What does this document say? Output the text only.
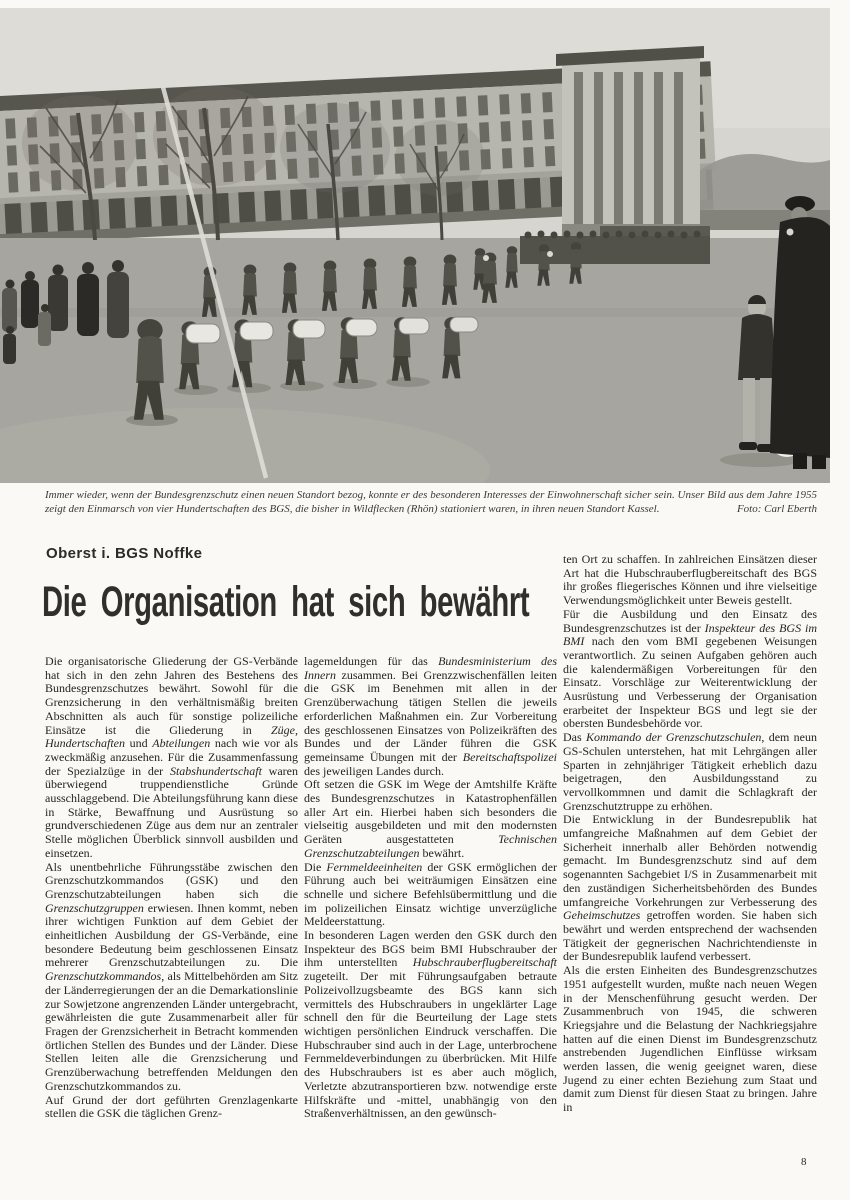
Immer wieder, wenn der Bundesgrenzschutz einen neuen Standort bezog, konnte er des besonderen Interesses der Einwohnerschaft sicher sein. Unser Bild aus dem Jahre 1955 zeigt den Einmarsch von vier Hundertschaften des BGS, die bisher in Wildflecken (Rhön) stationiert waren, in ihren neuen Standort Kassel.	Foto: Carl Eberth

Oberst i. BGS Noffke
Die Organisation hat sich bewährt

Die organisatorische Gliederung der GS-Verbände hat sich in den zehn Jahren des Bestehens des Bundesgrenzschutzes bewährt. Sowohl für die Grenzsicherung in den verhältnismäßig breiten Abschnitten als auch für sonstige polizeiliche Einsätze ist die Gliederung in Züge, Hundertschaften und Abteilungen nach wie vor als zweckmäßig anzusehen. Für die Zusammenfassung der Spezialzüge in der Stabshundertschaft waren überwiegend truppendienstliche Gründe ausschlaggebend. Die Abteilungsführung kann diese in Stärke, Bewaffnung und Ausrüstung so grundverschiedenen Züge aus dem nur an zentraler Stelle möglichen Überblick sinnvoll ausbilden und einsetzen.

Als unentbehrliche Führungsstäbe zwischen den Grenzschutzkommandos (GSK) und den Grenzschutzabteilungen haben sich die Grenzschutzgruppen erwiesen. Ihnen kommt, neben ihrer wichtigen Funktion auf dem Gebiet der einheitlichen Ausbildung der GS-Verbände, eine besondere Bedeutung beim geschlossenen Einsatz mehrerer Grenzschutzabteilungen zu. Die Grenzschutzkommandos, als Mittelbehörden am Sitz der Länderregierungen der an die Demarkationslinie zur Sowjetzone angrenzenden Länder untergebracht, gewährleisten die gute Zusammenarbeit aller für Fragen der Grenzsicherheit in Betracht kommenden örtlichen Stellen des Bundes und der Länder. Diese Stellen leiten alle die Grenzsicherung und Grenzüberwachung betreffenden Meldungen den Grenzschutzkommandos zu.

Auf Grund der dort geführten Grenzlagenkarte stellen die GSK die täglichen Grenz-

lagemeldungen für das Bundesministerium des Innern zusammen. Bei Grenzzwischenfällen leiten die GSK im Benehmen mit allen in der Grenzüberwachung tätigen Stellen die jeweils erforderlichen Maßnahmen ein. Zur Vorbereitung des geschlossenen Einsatzes von Polizeikräften des Bundes und der Länder führen die GSK gemeinsame Übungen mit der Bereitschaftspolizei des jeweiligen Landes durch.

Oft setzen die GSK im Wege der Amtshilfe Kräfte des Bundesgrenzschutzes in Katastrophenfällen aller Art ein. Hierbei haben sich besonders die vielseitig ausgebildeten und mit den modernsten Geräten ausgestatteten Technischen Grenzschutzabteilungen bewährt.

Die Fernmeldeeinheiten der GSK ermöglichen der Führung auch bei weiträumigen Einsätzen eine schnelle und sichere Befehlsübermittlung und die im polizeilichen Einsatz wichtige unverzügliche Meldeerstattung.

In besonderen Lagen werden den GSK durch den Inspekteur des BGS beim BMI Hubschrauber der ihm unterstellten Hubschrauberflugbereitschaft zugeteilt. Der mit Führungsaufgaben betraute Polizeivollzugsbeamte des BGS kann sich vermittels des Hubschraubers in ungeklärter Lage schnell den für die Beurteilung der Lage stets wichtigen persönlichen Eindruck verschaffen. Die Hubschrauber sind auch in der Lage, unterbrochene Fernmeldeverbindungen zu überbrücken. Mit Hilfe des Hubschraubers ist es aber auch möglich, Verletzte abzutransportieren bzw. notwendige erste Hilfskräfte und -mittel, unabhängig von den Straßenverhältnissen, an den gewünsch-

ten Ort zu schaffen. In zahlreichen Einsätzen dieser Art hat die Hubschrauberflugbereitschaft des BGS ihr großes fliegerisches Können und ihre vielseitige Verwendungsmöglichkeit unter Beweis gestellt.

Für die Ausbildung und den Einsatz des Bundesgrenzschutzes ist der Inspekteur des BGS im BMI nach den vom BMI gegebenen Weisungen verantwortlich. Zu seinen Aufgaben gehören auch die kalendermäßigen Vorbereitungen für den Einsatz. Vorschläge zur Weiterentwicklung der Ausrüstung und Verbesserung der Organisation erarbeitet der Inspekteur BGS und legt sie der obersten Bundesbehörde vor.

Das Kommando der Grenzschutzschulen, dem neun GS-Schulen unterstehen, hat mit Lehrgängen aller Sparten in zehnjähriger Tätigkeit erheblich dazu beigetragen, den Ausbildungsstand zu vervollkommnen und damit die Schlagkraft der Grenzschutztruppe zu erhöhen.

Die Entwicklung in der Bundesrepublik hat umfangreiche Maßnahmen auf dem Gebiet der Sicherheit innerhalb aller Behörden notwendig gemacht. Im Bundesgrenzschutz sind auf dem sogenannten Sachgebiet I/S in Zusammenarbeit mit den zuständigen Sicherheitsbehörden des Bundes umfangreiche Vorkehrungen zur Verbesserung des Geheimschutzes getroffen worden. Sie haben sich bewährt und werden entsprechend der wachsenden Tätigkeit der gegnerischen Nachrichtendienste in der Bundesrepublik laufend verbessert.

Als die ersten Einheiten des Bundesgrenzschutzes 1951 aufgestellt wurden, mußte nach neuen Wegen in der Menschenführung gesucht werden. Der Zusammenbruch von 1945, die schweren Kriegsjahre und die Belastung der Nachkriegsjahre hatten auf die einen Dienst im Bundesgrenzschutz anstrebenden Jugendlichen Einflüsse wirksam werden lassen, die wenig geeignet waren, diese Jugend zu einer echten Beziehung zum Staat und damit zum Dienst für diesen Staat zu bringen. Jahre in

8
